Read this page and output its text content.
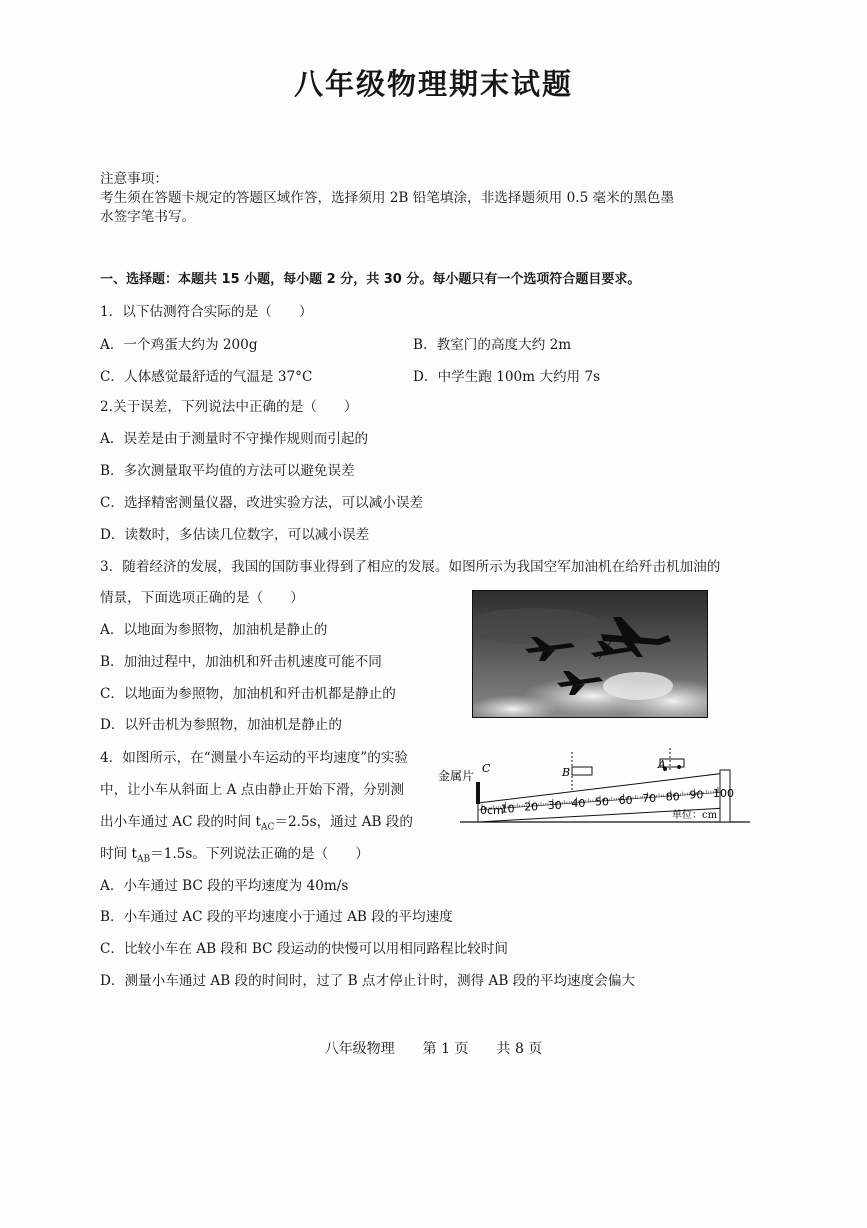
八年级物理期末试题
注意事项：
考生须在答题卡规定的答题区域作答，选择须用 2B 铅笔填涂，非选择题须用 0.5 毫米的黑色墨
水签字笔书写。
一、选择题：本题共 15 小题，每小题 2 分，共 30 分。每小题只有一个选项符合题目要求。
1．以下估测符合实际的是（　　）
A．一个鸡蛋大约为 200g	B．教室门的高度大约 2m
C．人体感觉最舒适的气温是 37°C	D．中学生跑 100m 大约用 7s
2.关于误差，下列说法中正确的是（　　）
A．误差是由于测量时不守操作规则而引起的
B．多次测量取平均值的方法可以避免误差
C．选择精密测量仪器，改进实验方法，可以减小误差
D．读数时，多估读几位数字，可以减小误差
3．随着经济的发展，我国的国防事业得到了相应的发展。如图所示为我国空军加油机在给歼击机加油的
情景，下面选项正确的是（　　）
A．以地面为参照物，加油机是静止的
B．加油过程中，加油机和歼击机速度可能不同
C．以地面为参照物，加油机和歼击机都是静止的
D．以歼击机为参照物，加油机是静止的
4．如图所示，在“测量小车运动的平均速度”的实验
中，让小车从斜面上 A 点由静止开始下滑，分别测
出小车通过 AC 段的时间 $t_{AC}=2.5s$，通过 AB 段的
时间 $t_{AB}=1.5s$。下列说法正确的是（　　）
A．小车通过 BC 段的平均速度为 40m/s
B．小车通过 AC 段的平均速度小于通过 AB 段的平均速度
C．比较小车在 AB 段和 BC 段运动的快慢可以用相同路程比较时间
D．测量小车通过 AB 段的时间时，过了 B 点才停止计时，测得 AB 段的平均速度会偏大
金属片
0cm
10 20 30 40 50 60 70 80 90 100
A
B
C
单位：cm
八年级物理　　第 1 页　　共 8 页
